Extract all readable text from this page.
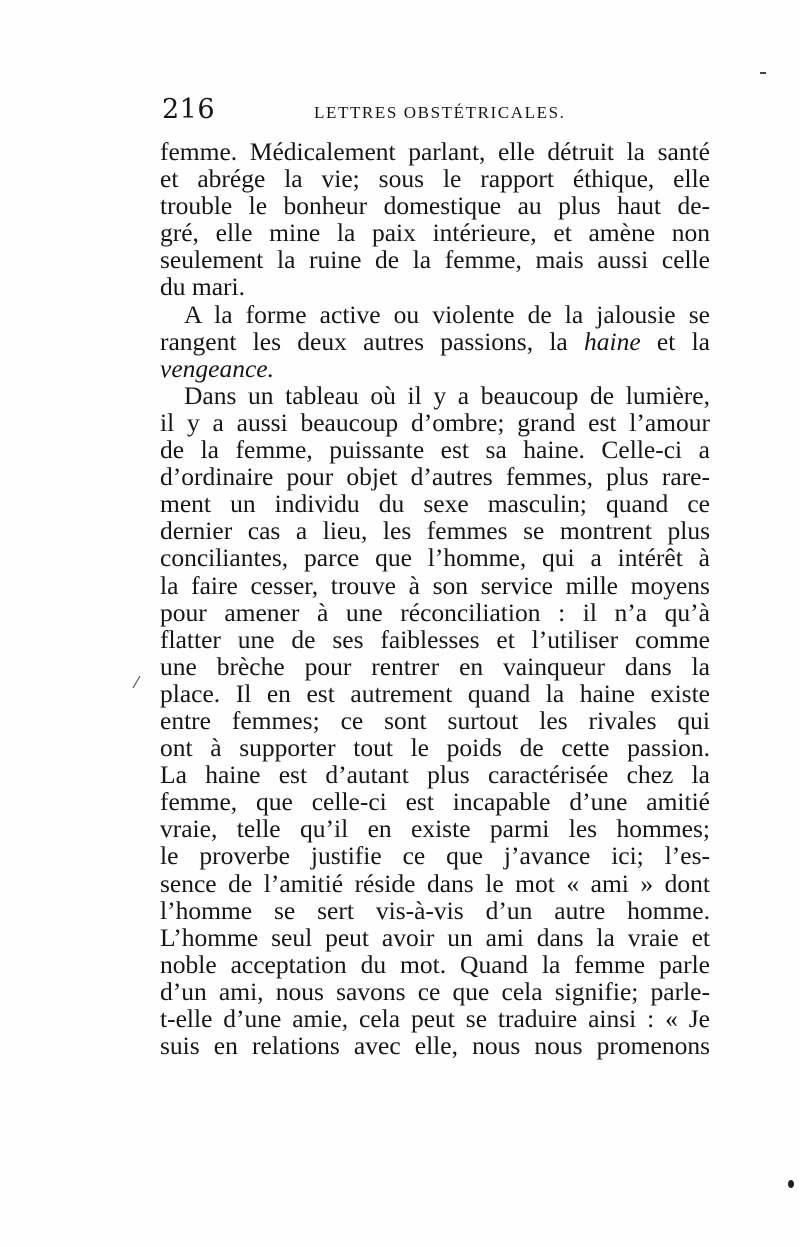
216	LETTRES OBSTÉTRICALES.
femme. Médicalement parlant, elle détruit la santé
et abrége la vie; sous le rapport éthique, elle
trouble le bonheur domestique au plus haut de-
gré, elle mine la paix intérieure, et amène non
seulement la ruine de la femme, mais aussi celle
du mari.
A la forme active ou violente de la jalousie se
rangent les deux autres passions, la haine et la
vengeance.
Dans un tableau où il y a beaucoup de lumière,
il y a aussi beaucoup d’ombre; grand est l’amour
de la femme, puissante est sa haine. Celle-ci a
d’ordinaire pour objet d’autres femmes, plus rare-
ment un individu du sexe masculin; quand ce
dernier cas a lieu, les femmes se montrent plus
conciliantes, parce que l’homme, qui a intérêt à
la faire cesser, trouve à son service mille moyens
pour amener à une réconciliation : il n’a qu’à
flatter une de ses faiblesses et l’utiliser comme
une brèche pour rentrer en vainqueur dans la
place. Il en est autrement quand la haine existe
entre femmes; ce sont surtout les rivales qui
ont à supporter tout le poids de cette passion.
La haine est d’autant plus caractérisée chez la
femme, que celle-ci est incapable d’une amitié
vraie, telle qu’il en existe parmi les hommes;
le proverbe justifie ce que j’avance ici; l’es-
sence de l’amitié réside dans le mot « ami » dont
l’homme se sert vis-à-vis d’un autre homme.
L’homme seul peut avoir un ami dans la vraie et
noble acceptation du mot. Quand la femme parle
d’un ami, nous savons ce que cela signifie; parle-
t-elle d’une amie, cela peut se traduire ainsi : « Je
suis en relations avec elle, nous nous promenons
